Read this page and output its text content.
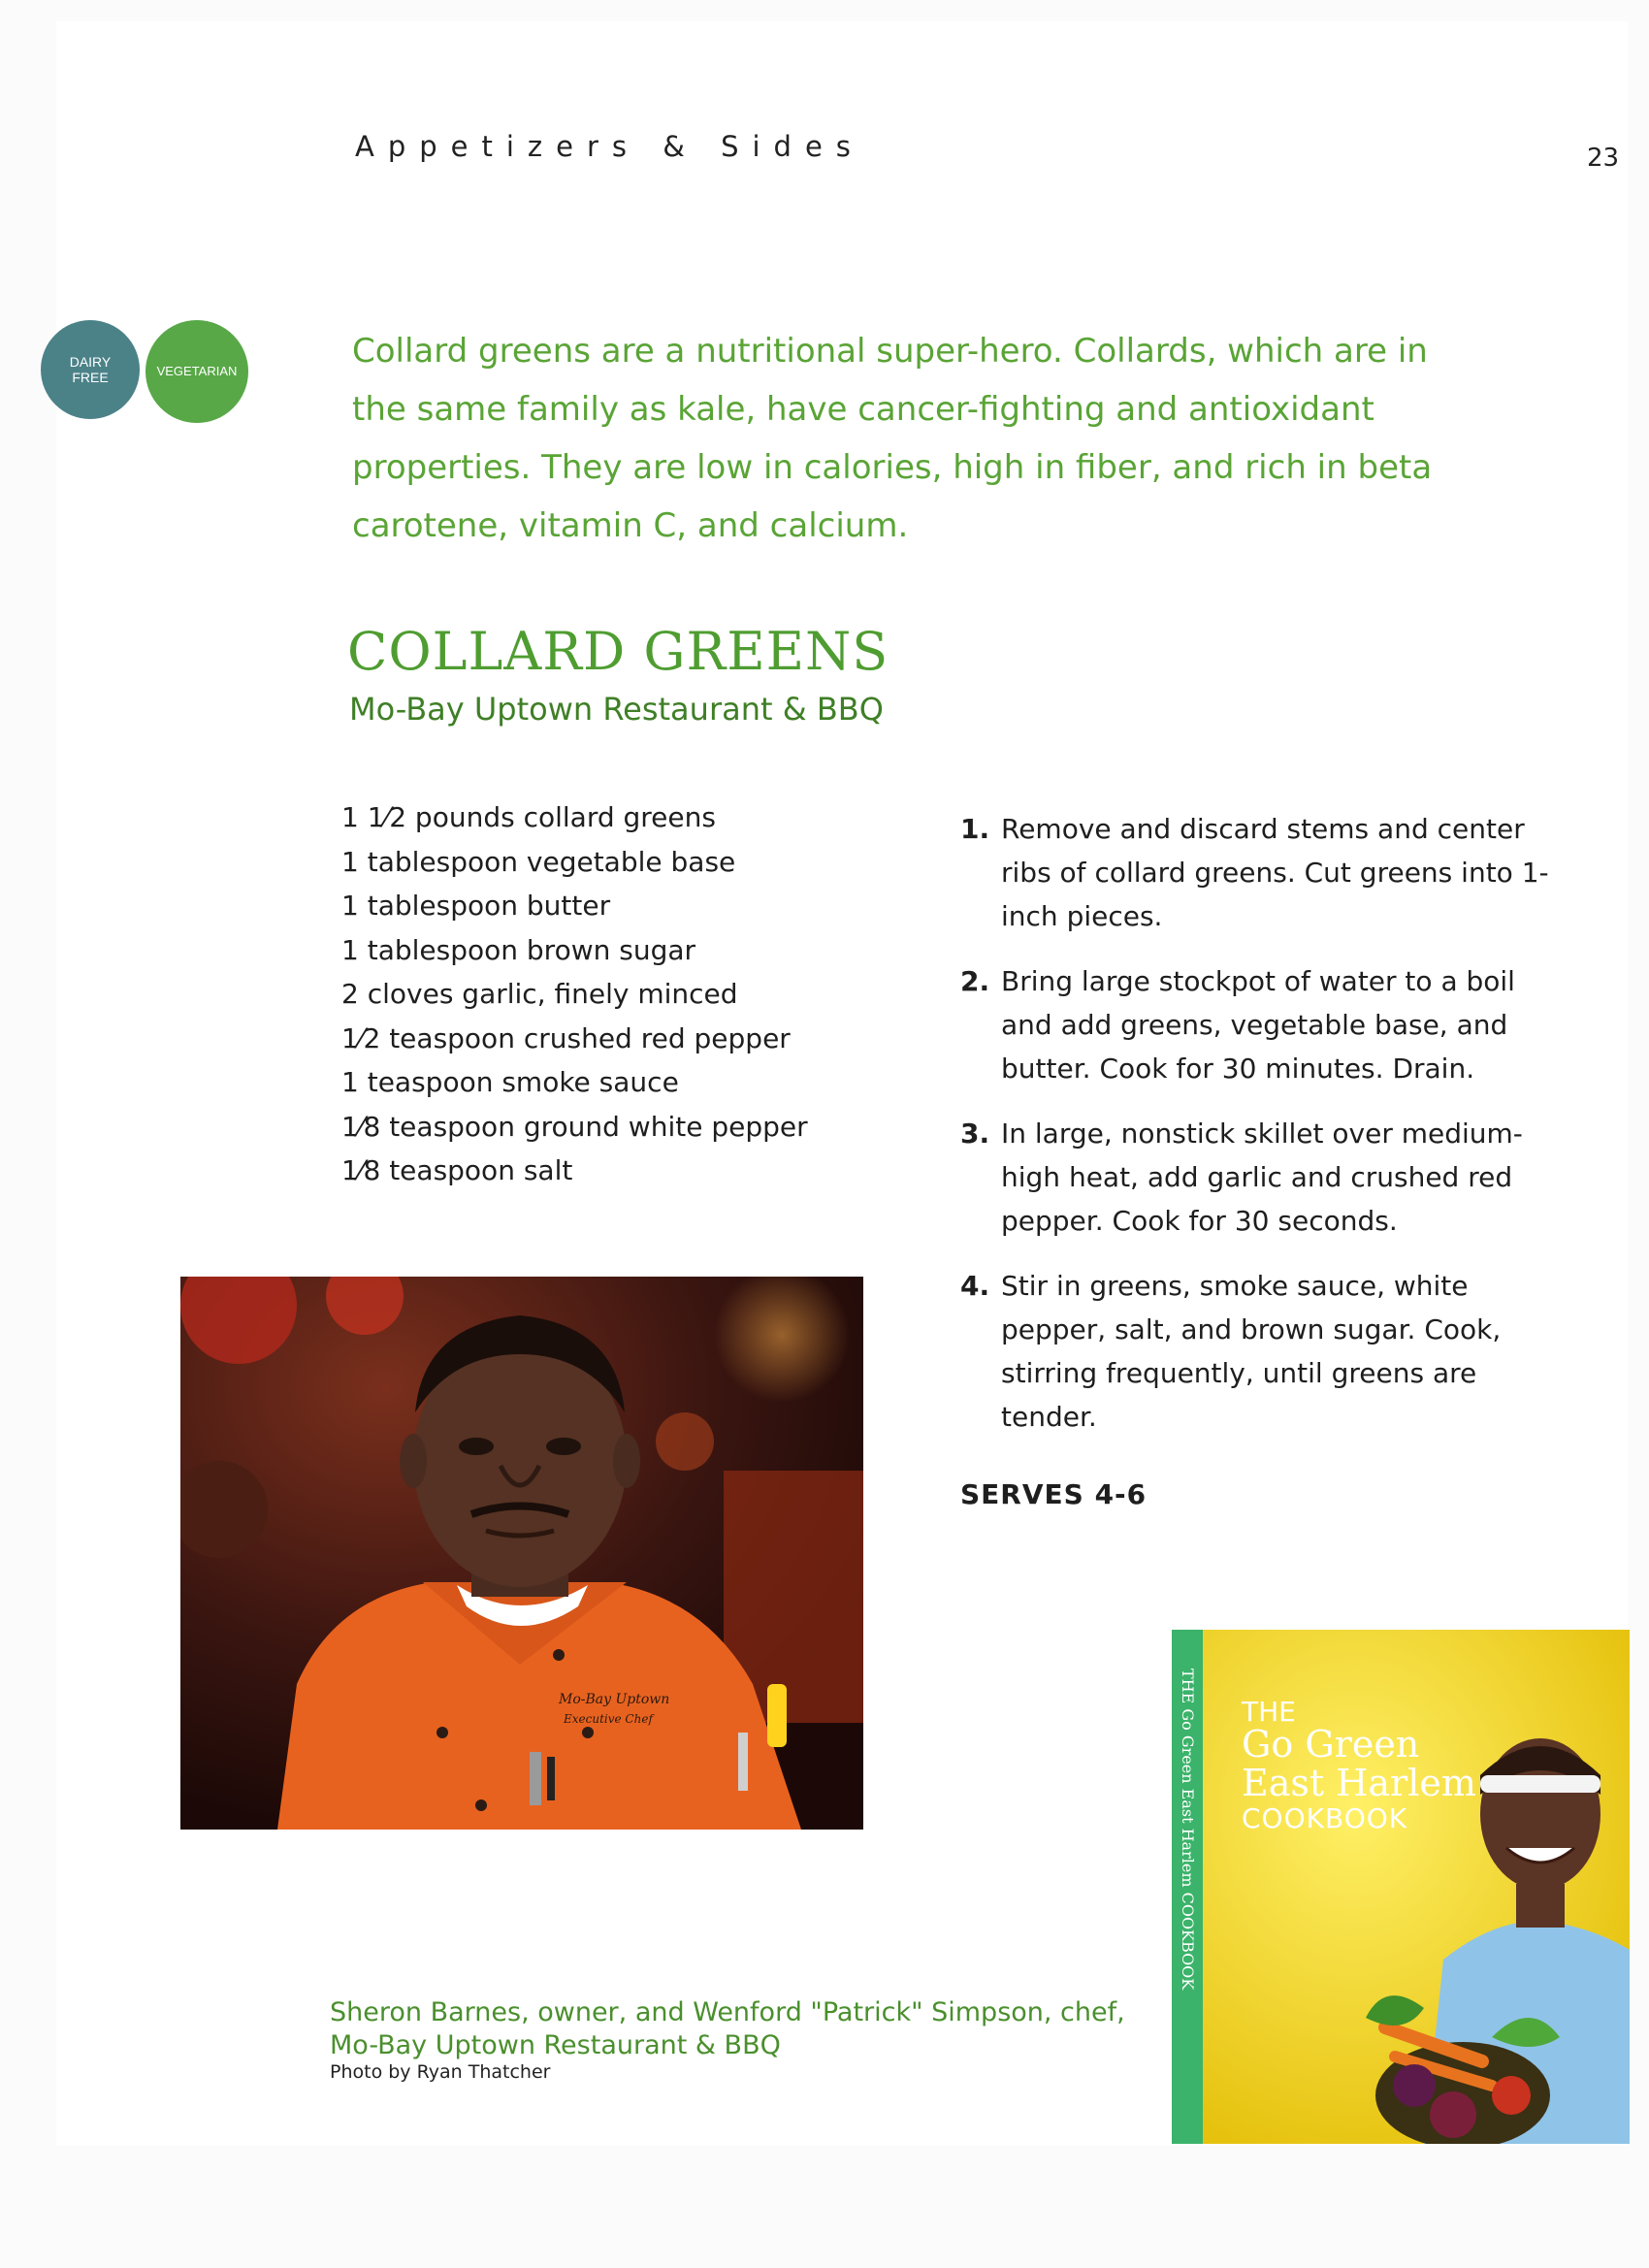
Appetizers & Sides	23
DAIRY FREE	VEGETARIAN
Collard greens are a nutritional super-hero. Collards, which are in
the same family as kale, have cancer-fighting and antioxidant
properties. They are low in calories, high in fiber, and rich in beta
carotene, vitamin C, and calcium.
COLLARD GREENS
Mo-Bay Uptown Restaurant & BBQ
1 1⁄2 pounds collard greens
1 tablespoon vegetable base
1 tablespoon butter
1 tablespoon brown sugar
2 cloves garlic, finely minced
1⁄2 teaspoon crushed red pepper
1 teaspoon smoke sauce
1⁄8 teaspoon ground white pepper
1⁄8 teaspoon salt
1. Remove and discard stems and center ribs of collard greens. Cut greens into 1-inch pieces.
2. Bring large stockpot of water to a boil and add greens, vegetable base, and butter. Cook for 30 minutes. Drain.
3. In large, nonstick skillet over medium-high heat, add garlic and crushed red pepper. Cook for 30 seconds.
4. Stir in greens, smoke sauce, white pepper, salt, and brown sugar. Cook, stirring frequently, until greens are tender.
SERVES 4-6
Mo-Bay Uptown
Executive Chef
Sheron Barnes, owner, and Wenford "Patrick" Simpson, chef,
Mo-Bay Uptown Restaurant & BBQ
Photo by Ryan Thatcher
THE Go Green East Harlem COOKBOOK THE
Go Green
East Harlem
COOKBOOK
